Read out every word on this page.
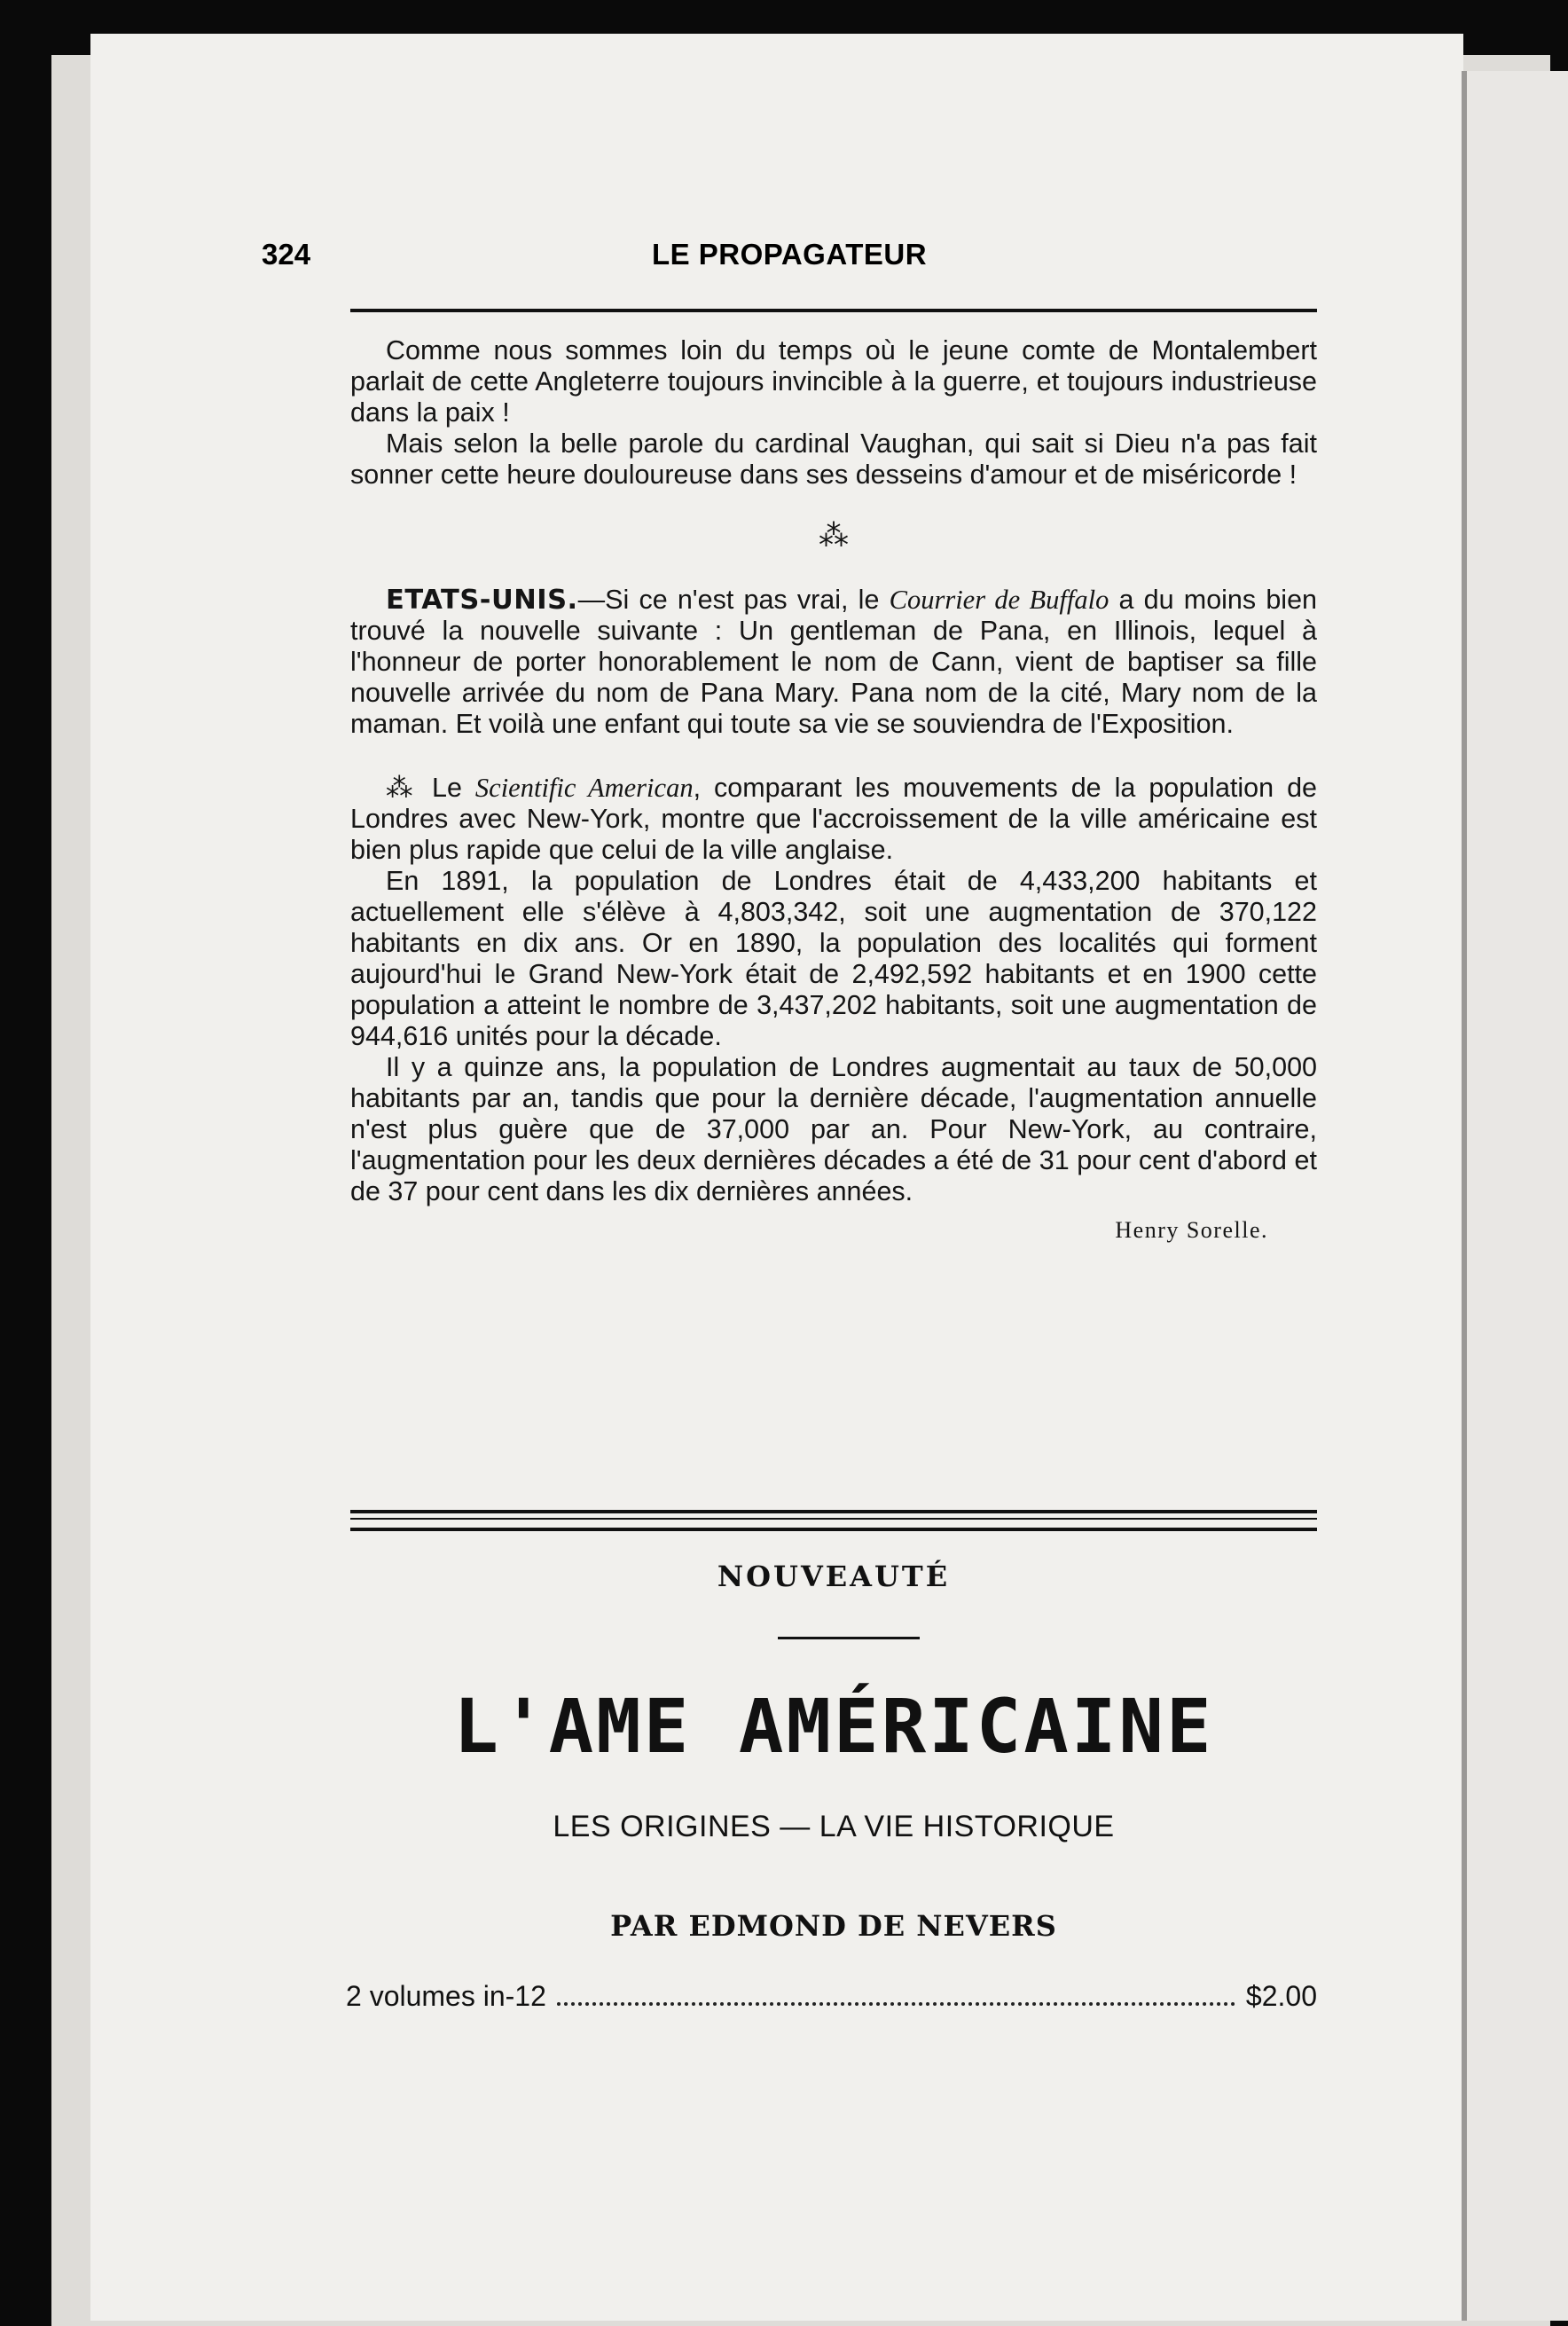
324	LE PROPAGATEUR

Comme nous sommes loin du temps où le jeune comte de Montalembert parlait de cette Angleterre toujours invincible à la guerre, et toujours industrieuse dans la paix !

Mais selon la belle parole du cardinal Vaughan, qui sait si Dieu n'a pas fait sonner cette heure douloureuse dans ses desseins d'amour et de miséricorde !

⁂

ETATS-UNIS.—Si ce n'est pas vrai, le Courrier de Buffalo a du moins bien trouvé la nouvelle suivante : Un gentleman de Pana, en Illinois, lequel à l'honneur de porter honorablement le nom de Cann, vient de baptiser sa fille nouvelle arrivée du nom de Pana Mary. Pana nom de la cité, Mary nom de la maman. Et voilà une enfant qui toute sa vie se souviendra de l'Exposition.

⁂ Le Scientific American, comparant les mouvements de la population de Londres avec New-York, montre que l'accroissement de la ville américaine est bien plus rapide que celui de la ville anglaise.

En 1891, la population de Londres était de 4,433,200 habitants et actuellement elle s'élève à 4,803,342, soit une augmentation de 370,122 habitants en dix ans. Or en 1890, la population des localités qui forment aujourd'hui le Grand New-York était de 2,492,592 habitants et en 1900 cette population a atteint le nombre de 3,437,202 habitants, soit une augmentation de 944,616 unités pour la décade.

Il y a quinze ans, la population de Londres augmentait au taux de 50,000 habitants par an, tandis que pour la dernière décade, l'augmentation annuelle n'est plus guère que de 37,000 par an. Pour New-York, au contraire, l'augmentation pour les deux dernières décades a été de 31 pour cent d'abord et de 37 pour cent dans les dix dernières années.

Henry Sorelle.
NOUVEAUTÉ
L'AME AMÉRICAINE
LES ORIGINES — LA VIE HISTORIQUE
PAR EDMOND DE NEVERS
2 volumes in-12	$2.00
